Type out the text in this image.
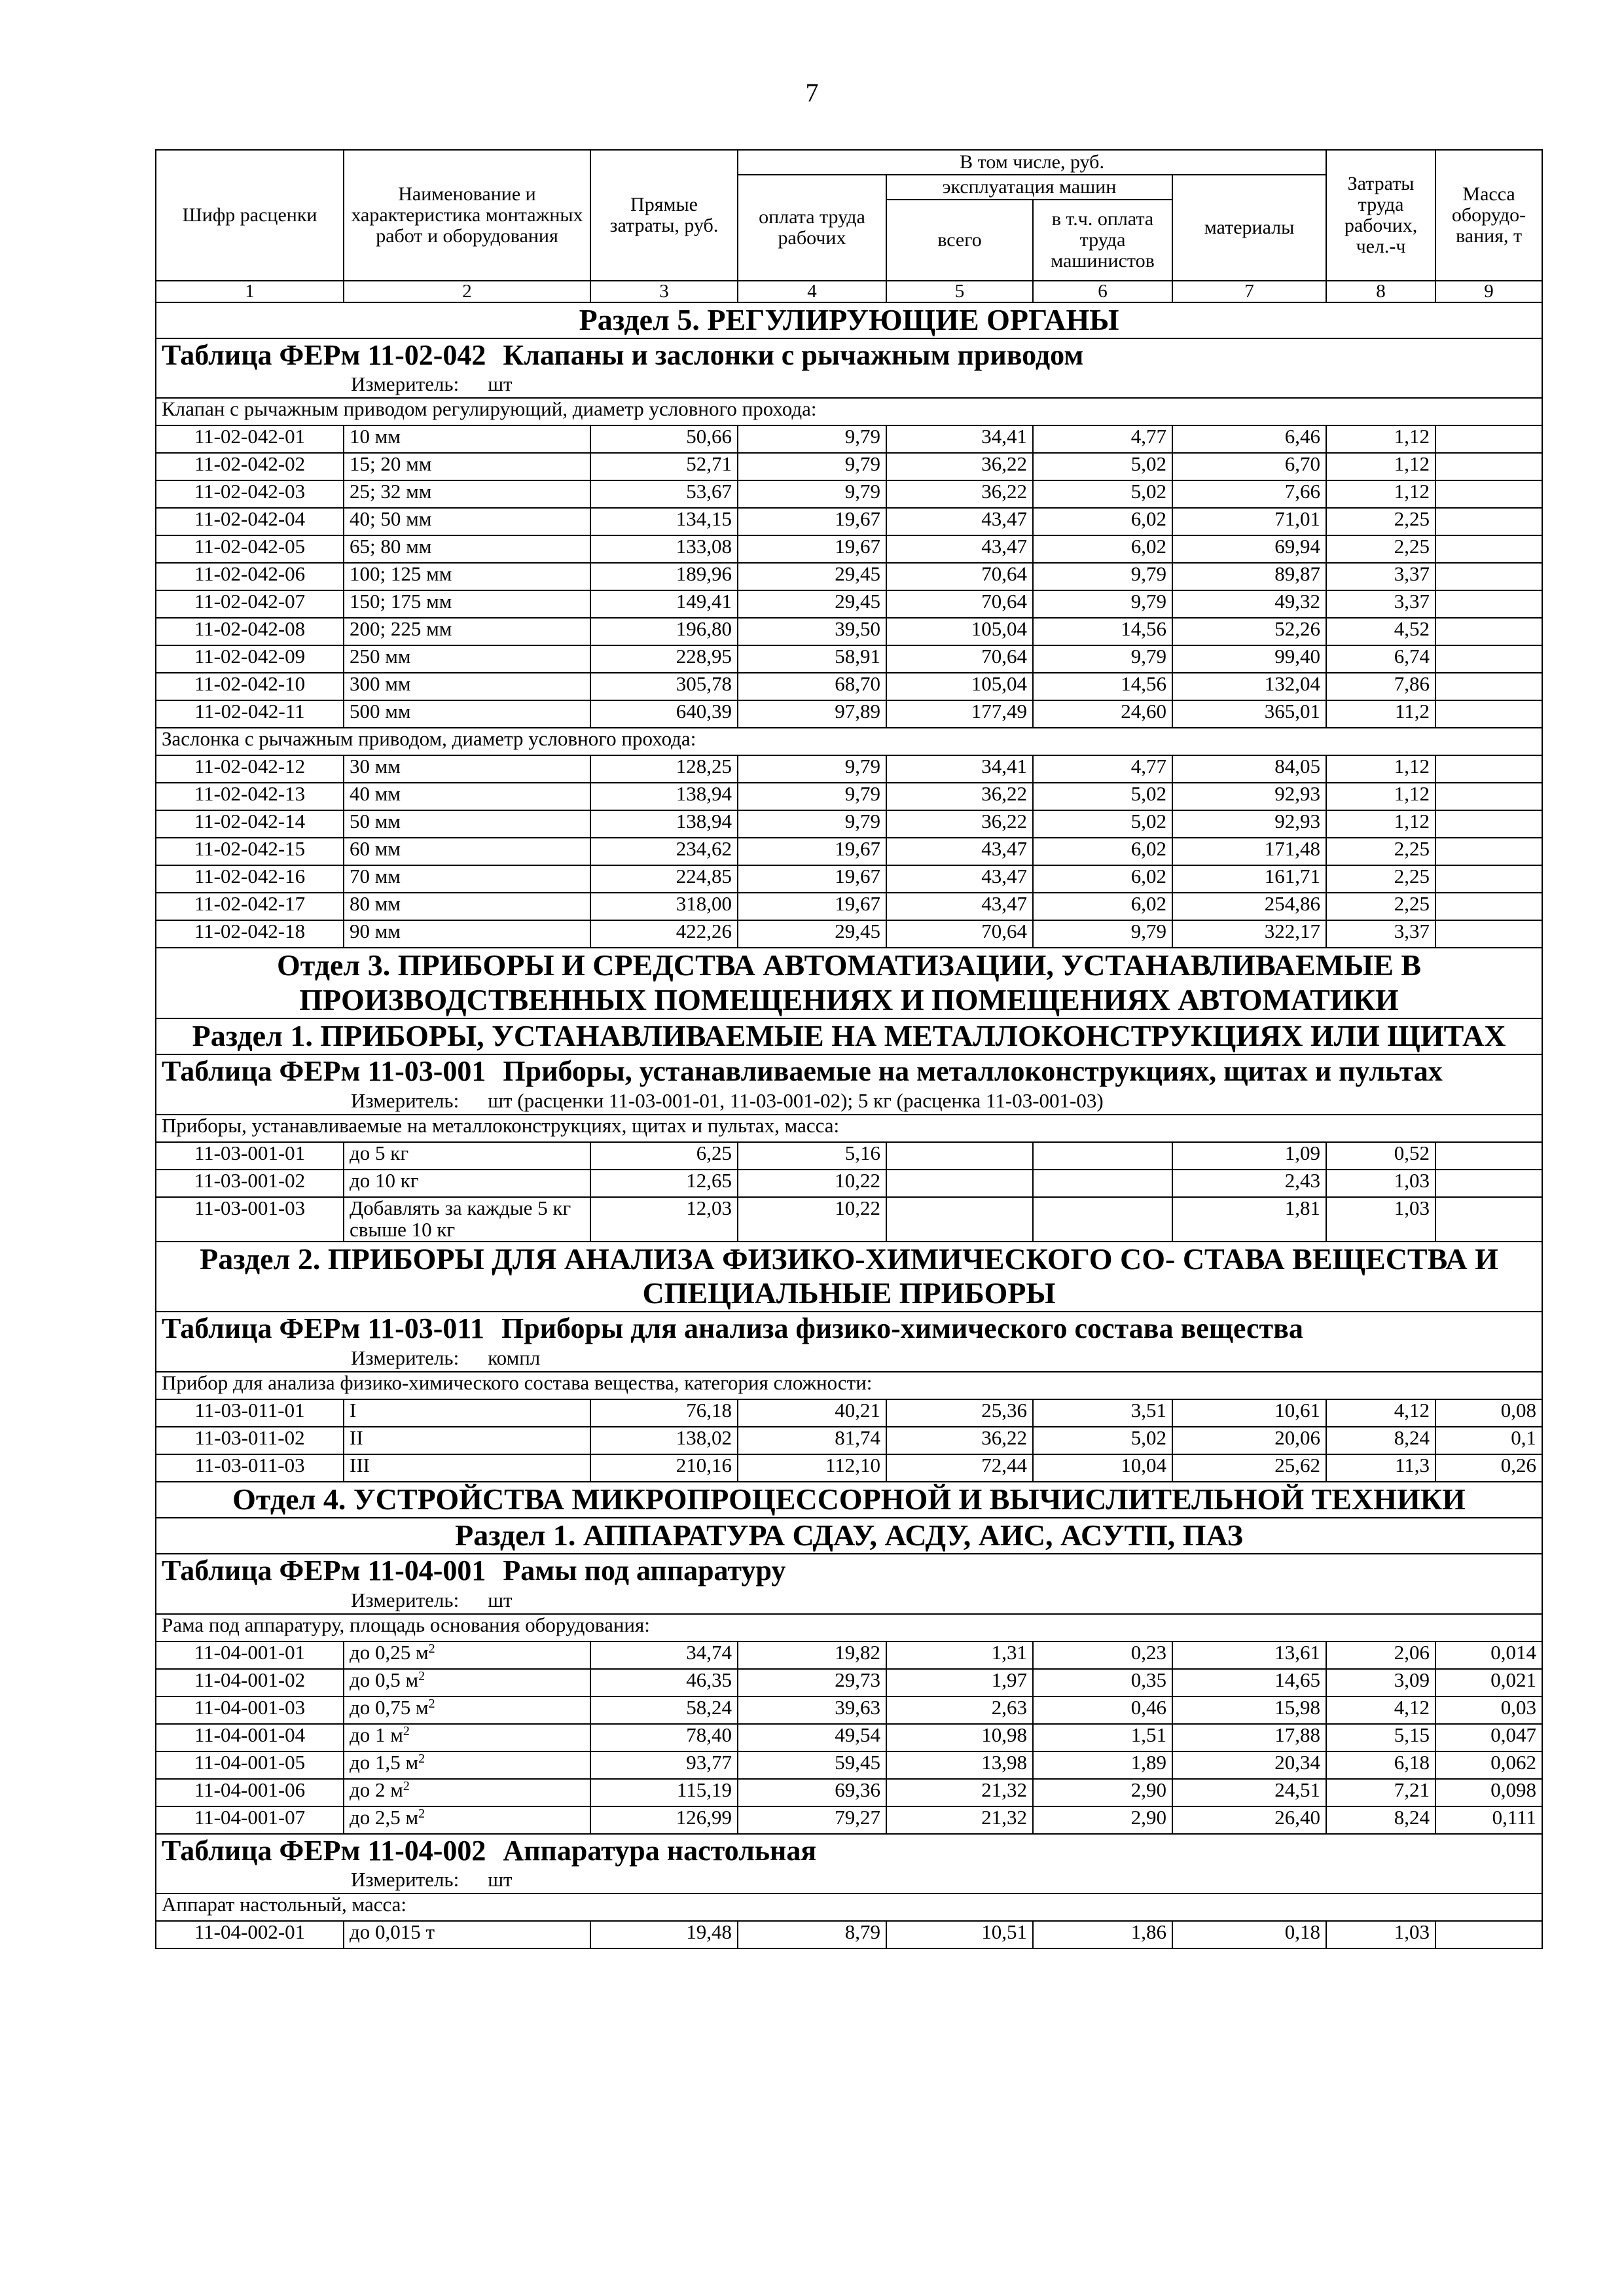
7
Шифр расценки	Наименование и характеристика монтажных работ и оборудования	Прямые затраты, руб.	В том числе, руб.				Затраты труда рабочих, чел.-ч	Масса оборудо-вания, т
			оплата труда рабочих	эксплуатация машин		материалы		
				всего	в т.ч. оплата труда машинистов			
1	2	3	4	5	6	7	8	9
Раздел 5. РЕГУЛИРУЮЩИЕ ОРГАНЫ								

Таблица ФЕРм 11-02-042 Клапаны и заслонки с рычажным приводом
Измеритель: шт								

Клапан с рычажным приводом регулирующий, диаметр условного прохода:								
11-02-042-01	10 мм	50,66	9,79	34,41	4,77	6,46	1,12	
11-02-042-02	15; 20 мм	52,71	9,79	36,22	5,02	6,70	1,12	
11-02-042-03	25; 32 мм	53,67	9,79	36,22	5,02	7,66	1,12	
11-02-042-04	40; 50 мм	134,15	19,67	43,47	6,02	71,01	2,25	
11-02-042-05	65; 80 мм	133,08	19,67	43,47	6,02	69,94	2,25	
11-02-042-06	100; 125 мм	189,96	29,45	70,64	9,79	89,87	3,37	
11-02-042-07	150; 175 мм	149,41	29,45	70,64	9,79	49,32	3,37	
11-02-042-08	200; 225 мм	196,80	39,50	105,04	14,56	52,26	4,52	
11-02-042-09	250 мм	228,95	58,91	70,64	9,79	99,40	6,74	
11-02-042-10	300 мм	305,78	68,70	105,04	14,56	132,04	7,86	
11-02-042-11	500 мм	640,39	97,89	177,49	24,60	365,01	11,2	
Заслонка с рычажным приводом, диаметр условного прохода:								
11-02-042-12	30 мм	128,25	9,79	34,41	4,77	84,05	1,12	
11-02-042-13	40 мм	138,94	9,79	36,22	5,02	92,93	1,12	
11-02-042-14	50 мм	138,94	9,79	36,22	5,02	92,93	1,12	
11-02-042-15	60 мм	234,62	19,67	43,47	6,02	171,48	2,25	
11-02-042-16	70 мм	224,85	19,67	43,47	6,02	161,71	2,25	
11-02-042-17	80 мм	318,00	19,67	43,47	6,02	254,86	2,25	
11-02-042-18	90 мм	422,26	29,45	70,64	9,79	322,17	3,37	
Отдел 3. ПРИБОРЫ И СРЕДСТВА АВТОМАТИЗАЦИИ, УСТАНАВЛИВАЕМЫЕ В ПРОИЗВОДСТВЕННЫХ ПОМЕЩЕНИЯХ И ПОМЕЩЕНИЯХ АВТОМАТИКИ								
Раздел 1. ПРИБОРЫ, УСТАНАВЛИВАЕМЫЕ НА МЕТАЛЛОКОНСТРУКЦИЯХ ИЛИ ЩИТАХ								

Таблица ФЕРм 11-03-001 Приборы, устанавливаемые на металлоконструкциях, щитах и пультах
Измеритель: шт (расценки 11-03-001-01, 11-03-001-02); 5 кг (расценка 11-03-001-03)								

Приборы, устанавливаемые на металлоконструкциях, щитах и пультах, масса:								
11-03-001-01	до 5 кг	6,25	5,16			1,09	0,52	
11-03-001-02	до 10 кг	12,65	10,22			2,43	1,03	
11-03-001-03	Добавлять за каждые 5 кг свыше 10 кг	12,03	10,22			1,81	1,03	
Раздел 2. ПРИБОРЫ ДЛЯ АНАЛИЗА ФИЗИКО-ХИМИЧЕСКОГО СО- СТАВА ВЕЩЕСТВА И СПЕЦИАЛЬНЫЕ ПРИБОРЫ								

Таблица ФЕРм 11-03-011 Приборы для анализа физико-химического состава вещества
Измеритель: компл								

Прибор для анализа физико-химического состава вещества, категория сложности:								
11-03-011-01	I	76,18	40,21	25,36	3,51	10,61	4,12	0,08
11-03-011-02	II	138,02	81,74	36,22	5,02	20,06	8,24	0,1
11-03-011-03	III	210,16	112,10	72,44	10,04	25,62	11,3	0,26
Отдел 4. УСТРОЙСТВА МИКРОПРОЦЕССОРНОЙ И ВЫЧИСЛИТЕЛЬНОЙ ТЕХНИКИ								
Раздел 1. АППАРАТУРА СДАУ, АСДУ, АИС, АСУТП, ПАЗ								

Таблица ФЕРм 11-04-001 Рамы под аппаратуру
Измеритель: шт								

Рама под аппаратуру, площадь основания оборудования:								
11-04-001-01	до 0,25 $м^2$	34,74	19,82	1,31	0,23	13,61	2,06	0,014
11-04-001-02	до 0,5 $м^2$	46,35	29,73	1,97	0,35	14,65	3,09	0,021
11-04-001-03	до 0,75 $м^2$	58,24	39,63	2,63	0,46	15,98	4,12	0,03
11-04-001-04	до 1 $м^2$	78,40	49,54	10,98	1,51	17,88	5,15	0,047
11-04-001-05	до 1,5 $м^2$	93,77	59,45	13,98	1,89	20,34	6,18	0,062
11-04-001-06	до 2 $м^2$	115,19	69,36	21,32	2,90	24,51	7,21	0,098
11-04-001-07	до 2,5 $м^2$	126,99	79,27	21,32	2,90	26,40	8,24	0,111

Таблица ФЕРм 11-04-002 Аппаратура настольная
Измеритель: шт								

Аппарат настольный, масса:								
11-04-002-01	до 0,015 т	19,48	8,79	10,51	1,86	0,18	1,03	
